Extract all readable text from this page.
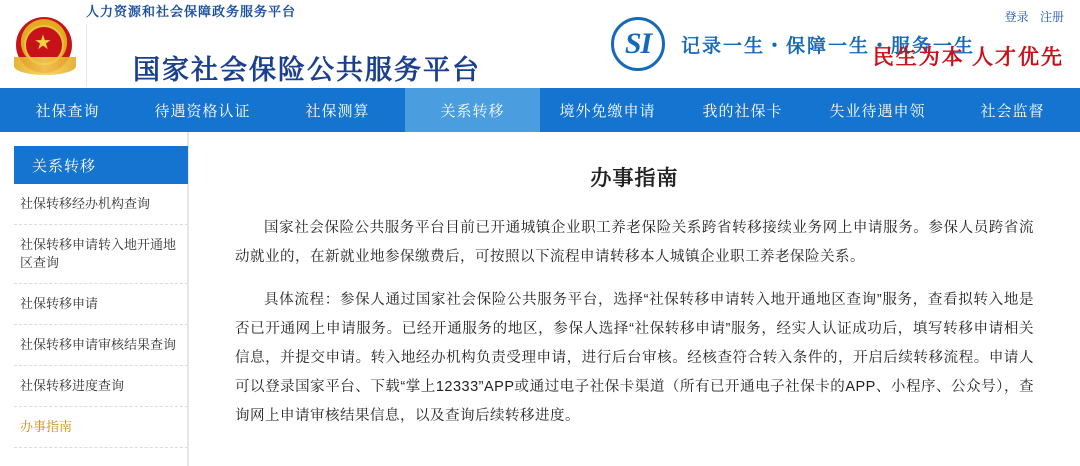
★
人力资源和社会保障政务服务平台
国家社会保险公共服务平台
SI	记录一生・保障一生・服务一生
登录 注册
民生为本 人才优先
社保查询	待遇资格认证	社保测算	关系转移	境外免缴申请	我的社保卡	失业待遇申领	社会监督
关系转移
社保转移经办机构查询
社保转移申请转入地开通地区查询
社保转移申请
社保转移申请审核结果查询
社保转移进度查询
办事指南
办事指南

国家社会保险公共服务平台目前已开通城镇企业职工养老保险关系跨省转移接续业务网上申请服务。参保人员跨省流动就业的，在新就业地参保缴费后，可按照以下流程申请转移本人城镇企业职工养老保险关系。

具体流程：参保人通过国家社会保险公共服务平台，选择“社保转移申请转入地开通地区查询”服务，查看拟转入地是否已开通网上申请服务。已经开通服务的地区，参保人选择“社保转移申请”服务，经实人认证成功后，填写转移申请相关信息，并提交申请。转入地经办机构负责受理申请，进行后台审核。经核查符合转入条件的，开启后续转移流程。申请人可以登录国家平台、下载“掌上12333”APP或通过电子社保卡渠道（所有已开通电子社保卡的APP、小程序、公众号），查询网上申请审核结果信息，以及查询后续转移进度。
